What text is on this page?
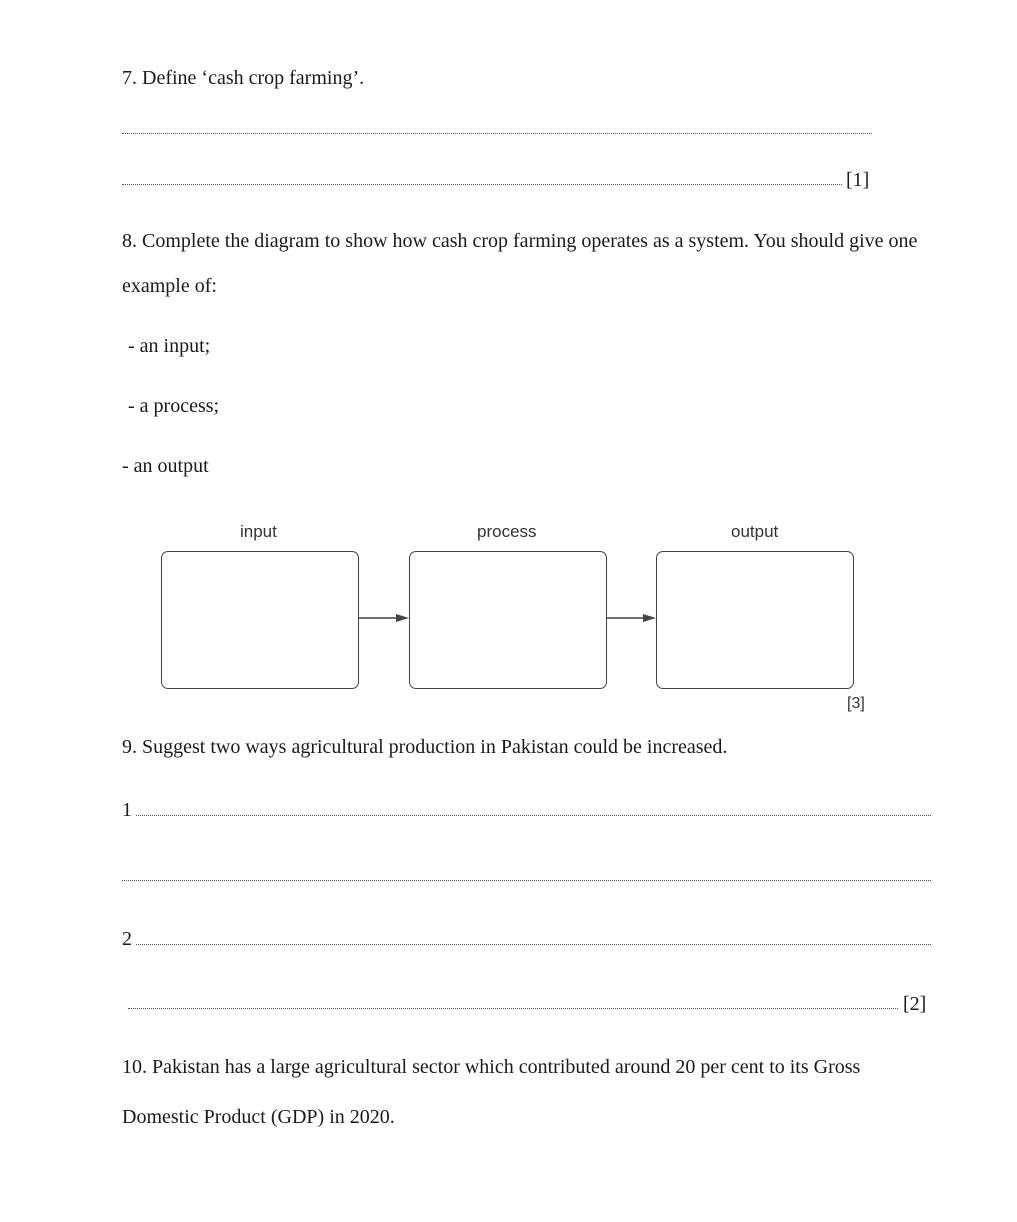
7. Define ‘cash crop farming’.
[1]
8. Complete the diagram to show how cash crop farming operates as a system. You should give one
example of:
- an input;
- a process;
- an output
input	process	output
[3]
9. Suggest two ways agricultural production in Pakistan could be increased.
1
2
[2]
10. Pakistan has a large agricultural sector which contributed around 20 per cent to its Gross
Domestic Product (GDP) in 2020.
